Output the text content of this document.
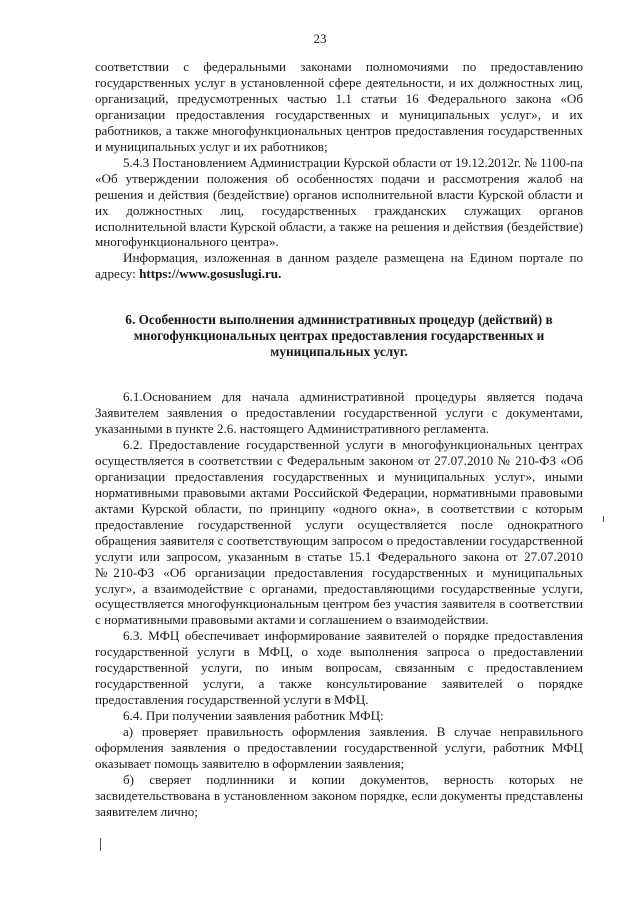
23

соответствии с федеральными законами полномочиями по предоставлению государственных услуг в установленной сфере деятельности, и их должностных лиц, организаций, предусмотренных частью 1.1 статьи 16 Федерального закона «Об организации предоставления государственных и муниципальных услуг», и их работников, а также многофункциональных центров предоставления государственных и муниципальных услуг и их работников;

5.4.3 Постановлением Администрации Курской области от 19.12.2012г. № 1100-па «Об утверждении положения об особенностях подачи и рассмотрения жалоб на решения и действия (бездействие) органов исполнительной власти Курской области и их должностных лиц, государственных гражданских служащих органов исполнительной власти Курской области, а также на решения и действия (бездействие) многофункционального центра».

Информация, изложенная в данном разделе размещена на Едином портале по адресу: https://www.gosuslugi.ru.

6. Особенности выполнения административных процедур (действий) в многофункциональных центрах предоставления государственных и муниципальных услуг.

6.1.Основанием для начала административной процедуры является подача Заявителем заявления о предоставлении государственной услуги с документами, указанными в пункте 2.6. настоящего Административного регламента.

6.2. Предоставление государственной услуги в многофункциональных центрах осуществляется в соответствии с Федеральным законом от 27.07.2010 № 210-ФЗ «Об организации предоставления государственных и муниципальных услуг», иными нормативными правовыми актами Российской Федерации, нормативными правовыми актами Курской области, по принципу «одного окна», в соответствии с которым предоставление государственной услуги осуществляется после однократного обращения заявителя с соответствующим запросом о предоставлении государственной услуги или запросом, указанным в статье 15.1 Федерального закона от 27.07.2010 №210-ФЗ «Об организации предоставления государственных и муниципальных услуг», а взаимодействие с органами, предоставляющими государственные услуги, осуществляется многофункциональным центром без участия заявителя в соответствии с нормативными правовыми актами и соглашением о взаимодействии.

6.3. МФЦ обеспечивает информирование заявителей о порядке предоставления государственной услуги в МФЦ, о ходе выполнения запроса о предоставлении государственной услуги, по иным вопросам, связанным с предоставлением государственной услуги, а также консультирование заявителей о порядке предоставления государственной услуги в МФЦ.

6.4. При получении заявления работник МФЦ:

а) проверяет правильность оформления заявления. В случае неправильного оформления заявления о предоставлении государственной услуги, работник МФЦ оказывает помощь заявителю в оформлении заявления;

б) сверяет подлинники и копии документов, верность которых не засвидетельствована в установленном законом порядке, если документы представлены заявителем лично;
